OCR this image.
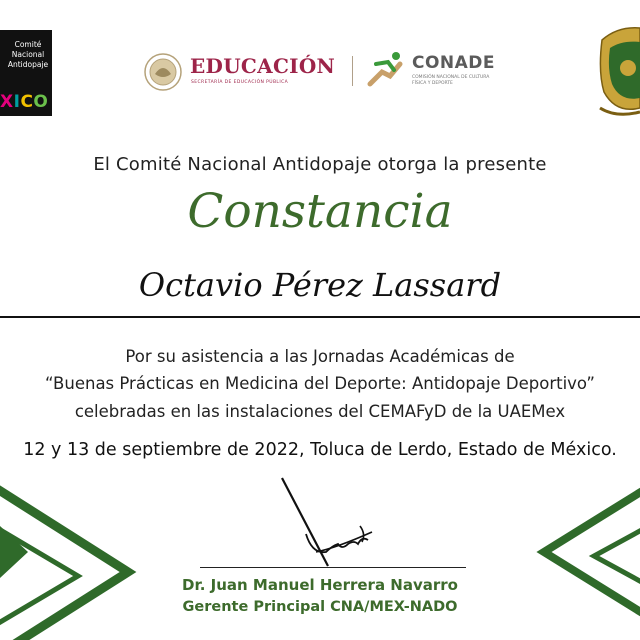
Comité
Nacional
Antidopaje
XICO
EDUCACIÓN
SECRETARÍA DE EDUCACIÓN PÚBLICA
CONADE
COMISIÓN NACIONAL DE CULTURA FÍSICA Y DEPORTE
El Comité Nacional Antidopaje otorga la presente
Constancia
Octavio Pérez Lassard
Por su asistencia a las Jornadas Académicas de
“Buenas Prácticas en Medicina del Deporte: Antidopaje Deportivo”
celebradas en las instalaciones del CEMAFyD de la UAEMex
12 y 13 de septiembre de 2022, Toluca de Lerdo, Estado de México.
Dr. Juan Manuel Herrera Navarro
Gerente Principal CNA/MEX-NADO
